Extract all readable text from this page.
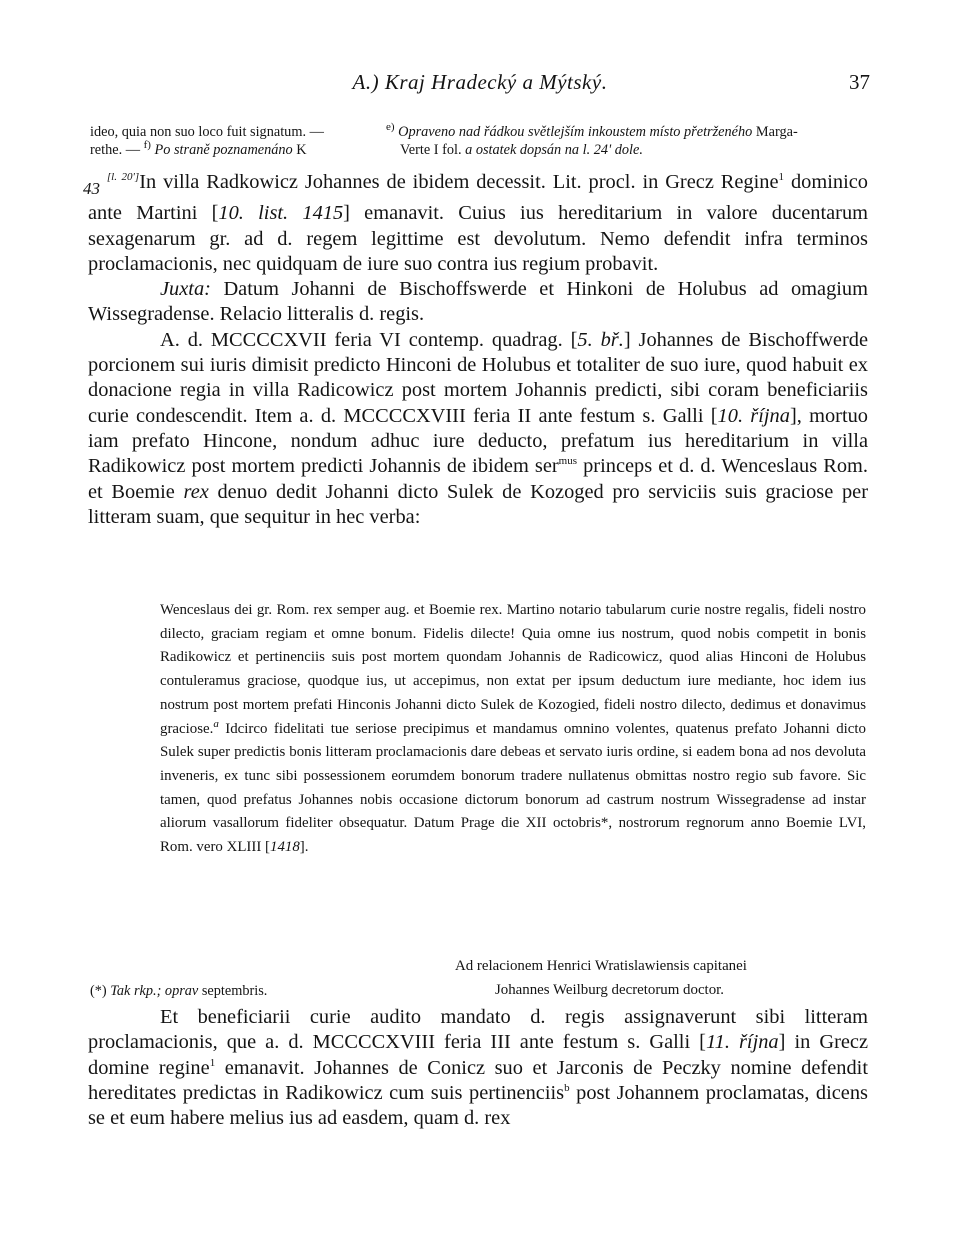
A.) Kraj Hradecký a Mýtský.	37
ideo, quia non suo loco fuit signatum. —	$^{e)}$ Opraveno nad řádkou světlejším inkoustem místo přetrženého Marga-
rethe. — $^{f)}$ Po straně poznamenáno K	Verte I fol. a ostatek dopsán na l. 24' dole.

$_{43}$ [l. 20']In villa Radkowicz Johannes de ibidem decessit. Lit. procl. in Grecz Regine$^1$ dominico ante Martini [10. list. 1415] emanavit. Cuius ius hereditarium in valore ducentarum sexagenarum gr. ad d. regem legittime est devolutum. Nemo defendit infra terminos proclamacionis, nec quidquam de iure suo contra ius regium probavit.

Juxta: Datum Johanni de Bischoffswerde et Hinkoni de Holubus ad omagium Wissegradense. Relacio litteralis d. regis.

A. d. MCCCCXVII feria VI contemp. quadrag. [5. bř.] Johannes de Bischoffwerde porcionem sui iuris dimisit predicto Hinconi de Holubus et totaliter de suo iure, quod habuit ex donacione regia in villa Radicowicz post mortem Johannis predicti, sibi coram beneficiariis curie condescendit. Item a. d. MCCCCXVIII feria II ante festum s. Galli [10. října], mortuo iam prefato Hincone, nondum adhuc iure deducto, prefatum ius hereditarium in villa Radikowicz post mortem predicti Johannis de ibidem ser$^{mus}$ princeps et d. d. Wenceslaus Rom. et Boemie rex denuo dedit Johanni dicto Sulek de Kozoged pro serviciis suis graciose per litteram suam, que sequitur in hec verba:

Wenceslaus dei gr. Rom. rex semper aug. et Boemie rex. Martino notario tabularum curie nostre regalis, fideli nostro dilecto, graciam regiam et omne bonum. Fidelis dilecte! Quia omne ius nostrum, quod nobis competit in bonis Radikowicz et pertinenciis suis post mortem quondam Johannis de Radicowicz, quod alias Hinconi de Holubus contuleramus graciose, quodque ius, ut accepimus, non extat per ipsum deductum iure mediante, hoc idem ius nostrum post mortem prefati Hinconis Johanni dicto Sulek de Kozogied, fideli nostro dilecto, dedimus et donavimus graciose.$^a$ Idcirco fidelitati tue seriose precipimus et mandamus omnino volentes, quatenus prefato Johanni dicto Sulek super predictis bonis litteram proclamacionis dare debeas et servato iuris ordine, si eadem bona ad nos devoluta inveneris, ex tunc sibi possessionem eorumdem bonorum tradere nullatenus obmittas nostro regio sub favore. Sic tamen, quod prefatus Johannes nobis occasione dictorum bonorum ad castrum nostrum Wissegradense ad instar aliorum vasallorum fideliter obsequatur. Datum Prage die XII octobris*, nostrorum regnorum anno Boemie LVI, Rom. vero XLIII [1418].

Ad relacionem Henrici Wratislawiensis capitanei
(*) Tak rkp.; oprav septembris.	Johannes Weilburg decretorum doctor.

Et beneficiarii curie audito mandato d. regis assignaverunt sibi litteram proclamacionis, que a. d. MCCCCXVIII feria III ante festum s. Galli [11. října] in Grecz domine regine$^1$ emanavit. Johannes de Conicz suo et Jarconis de Peczky nomine defendit hereditates predictas in Radikowicz cum suis pertinenciis$^b$ post Johannem proclamatas, dicens se et eum habere melius ius ad easdem, quam d. rex
